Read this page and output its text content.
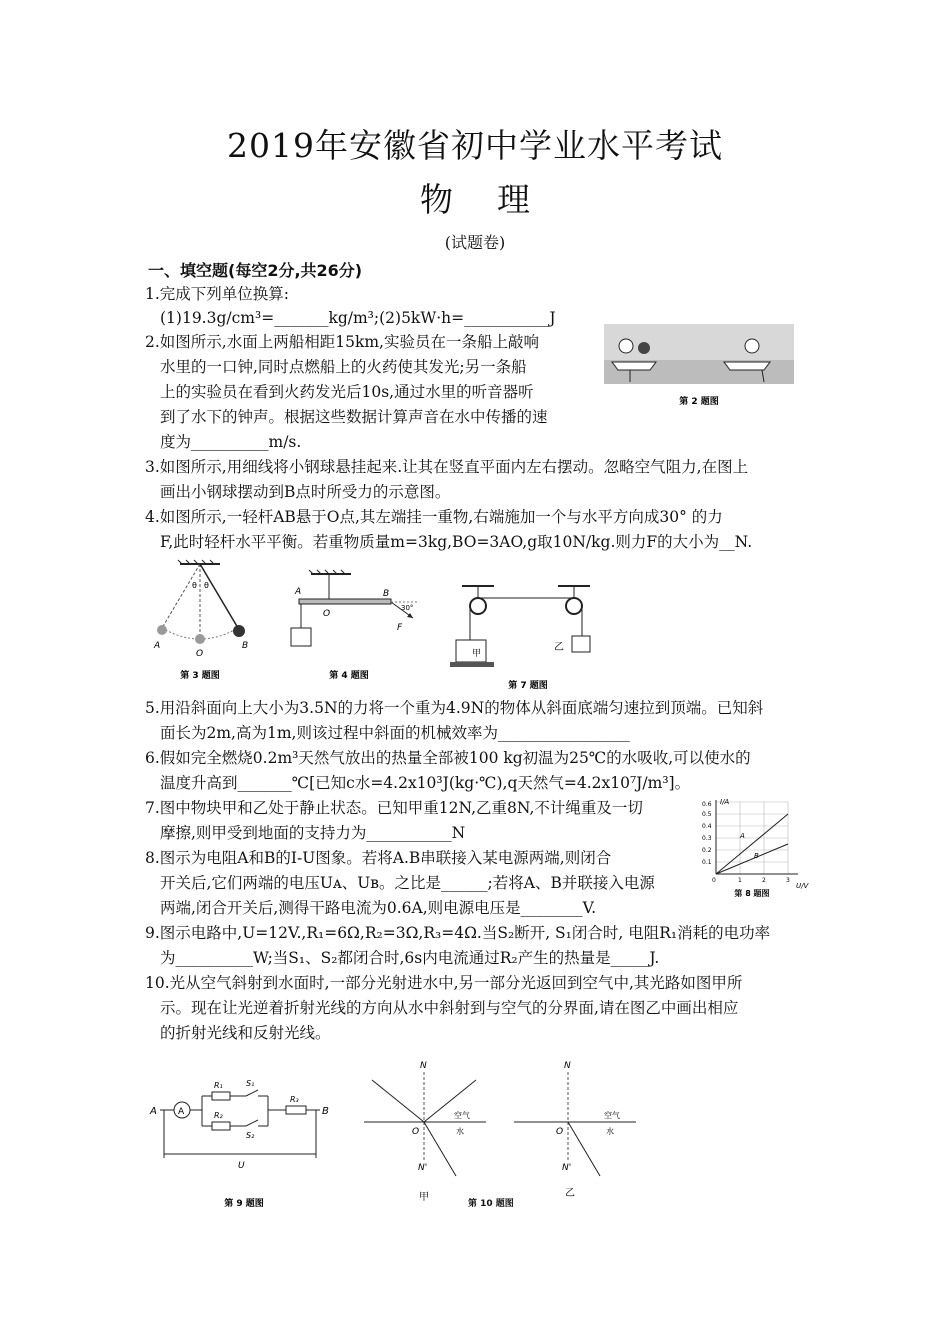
2019年安徽省初中学业水平考试
物 理
(试题卷)
一、填空题(每空2分,共26分)
1.完成下列单位换算:
(1)19.3g/cm³=_______kg/m³;(2)5kW·h=___________J
2.如图所示,水面上两船相距15km,实验员在一条船上敲响
水里的一口钟,同时点燃船上的火药使其发光;另一条船
上的实验员在看到火药发光后10s,通过水里的听音器听
到了水下的钟声。根据这些数据计算声音在水中传播的速
度为__________m/s.
第 2 题图
3.如图所示,用细线将小钢球悬挂起来.让其在竖直平面内左右摆动。忽略空气阻力,在图上
画出小钢球摆动到B点时所受力的示意图。
4.如图所示,一轻杆AB悬于O点,其左端挂一重物,右端施加一个与水平方向成30° 的力
F,此时轻杆水平平衡。若重物质量m=3kg,BO=3AO,g取10N/kg.则力F的大小为__N.
A
O
B
θ θ
第 3 题图
A
O
B
30°
F
第 4 题图
甲
乙
第 7 题图
5.用沿斜面向上大小为3.5N的力将一个重为4.9N的物体从斜面底端匀速拉到顶端。已知斜
面长为2m,高为1m,则该过程中斜面的机械效率为_________________
6.假如完全燃烧0.2m³天然气放出的热量全部被100 kg初温为25℃的水吸收,可以使水的
温度升高到_______℃[已知c水=4.2x10³J(kg·℃),q天然气=4.2x10⁷J/m³]。
7.图中物块甲和乙处于静止状态。已知甲重12N,乙重8N,不计绳重及一切
摩擦,则甲受到地面的支持力为___________N
8.图示为电阻A和B的I-U图象。若将A.B串联接入某电源两端,则闭合
开关后,它们两端的电压Uᴀ、Uʙ。之比是______;若将A、B并联接入电源
两端,闭合开关后,测得干路电流为0.6A,则电源电压是________V.
I/A
U/V
0.6
0.5
0.4
0.3
0.2
0.1
0	1	2	3
A
B
第 8 题图
9.图示电路中,U=12V.,R₁=6Ω,R₂=3Ω,R₃=4Ω.当S₂断开, S₁闭合时, 电阻R₁消耗的电功率
为__________W;当S₁、S₂都闭合时,6s内电流通过R₂产生的热量是_____J.
10.光从空气斜射到水面时,一部分光射进水中,另一部分光返回到空气中,其光路如图甲所
示。现在让光逆着折射光线的方向从水中斜射到与空气的分界面,请在图乙中画出相应
的折射光线和反射光线。
A A
R₁	S₁
R₂
S₂
R₃
B
U
第 9 题图
N
O
空气
水
N'
甲
N
O
空气
水
N'
乙
第 10 题图
